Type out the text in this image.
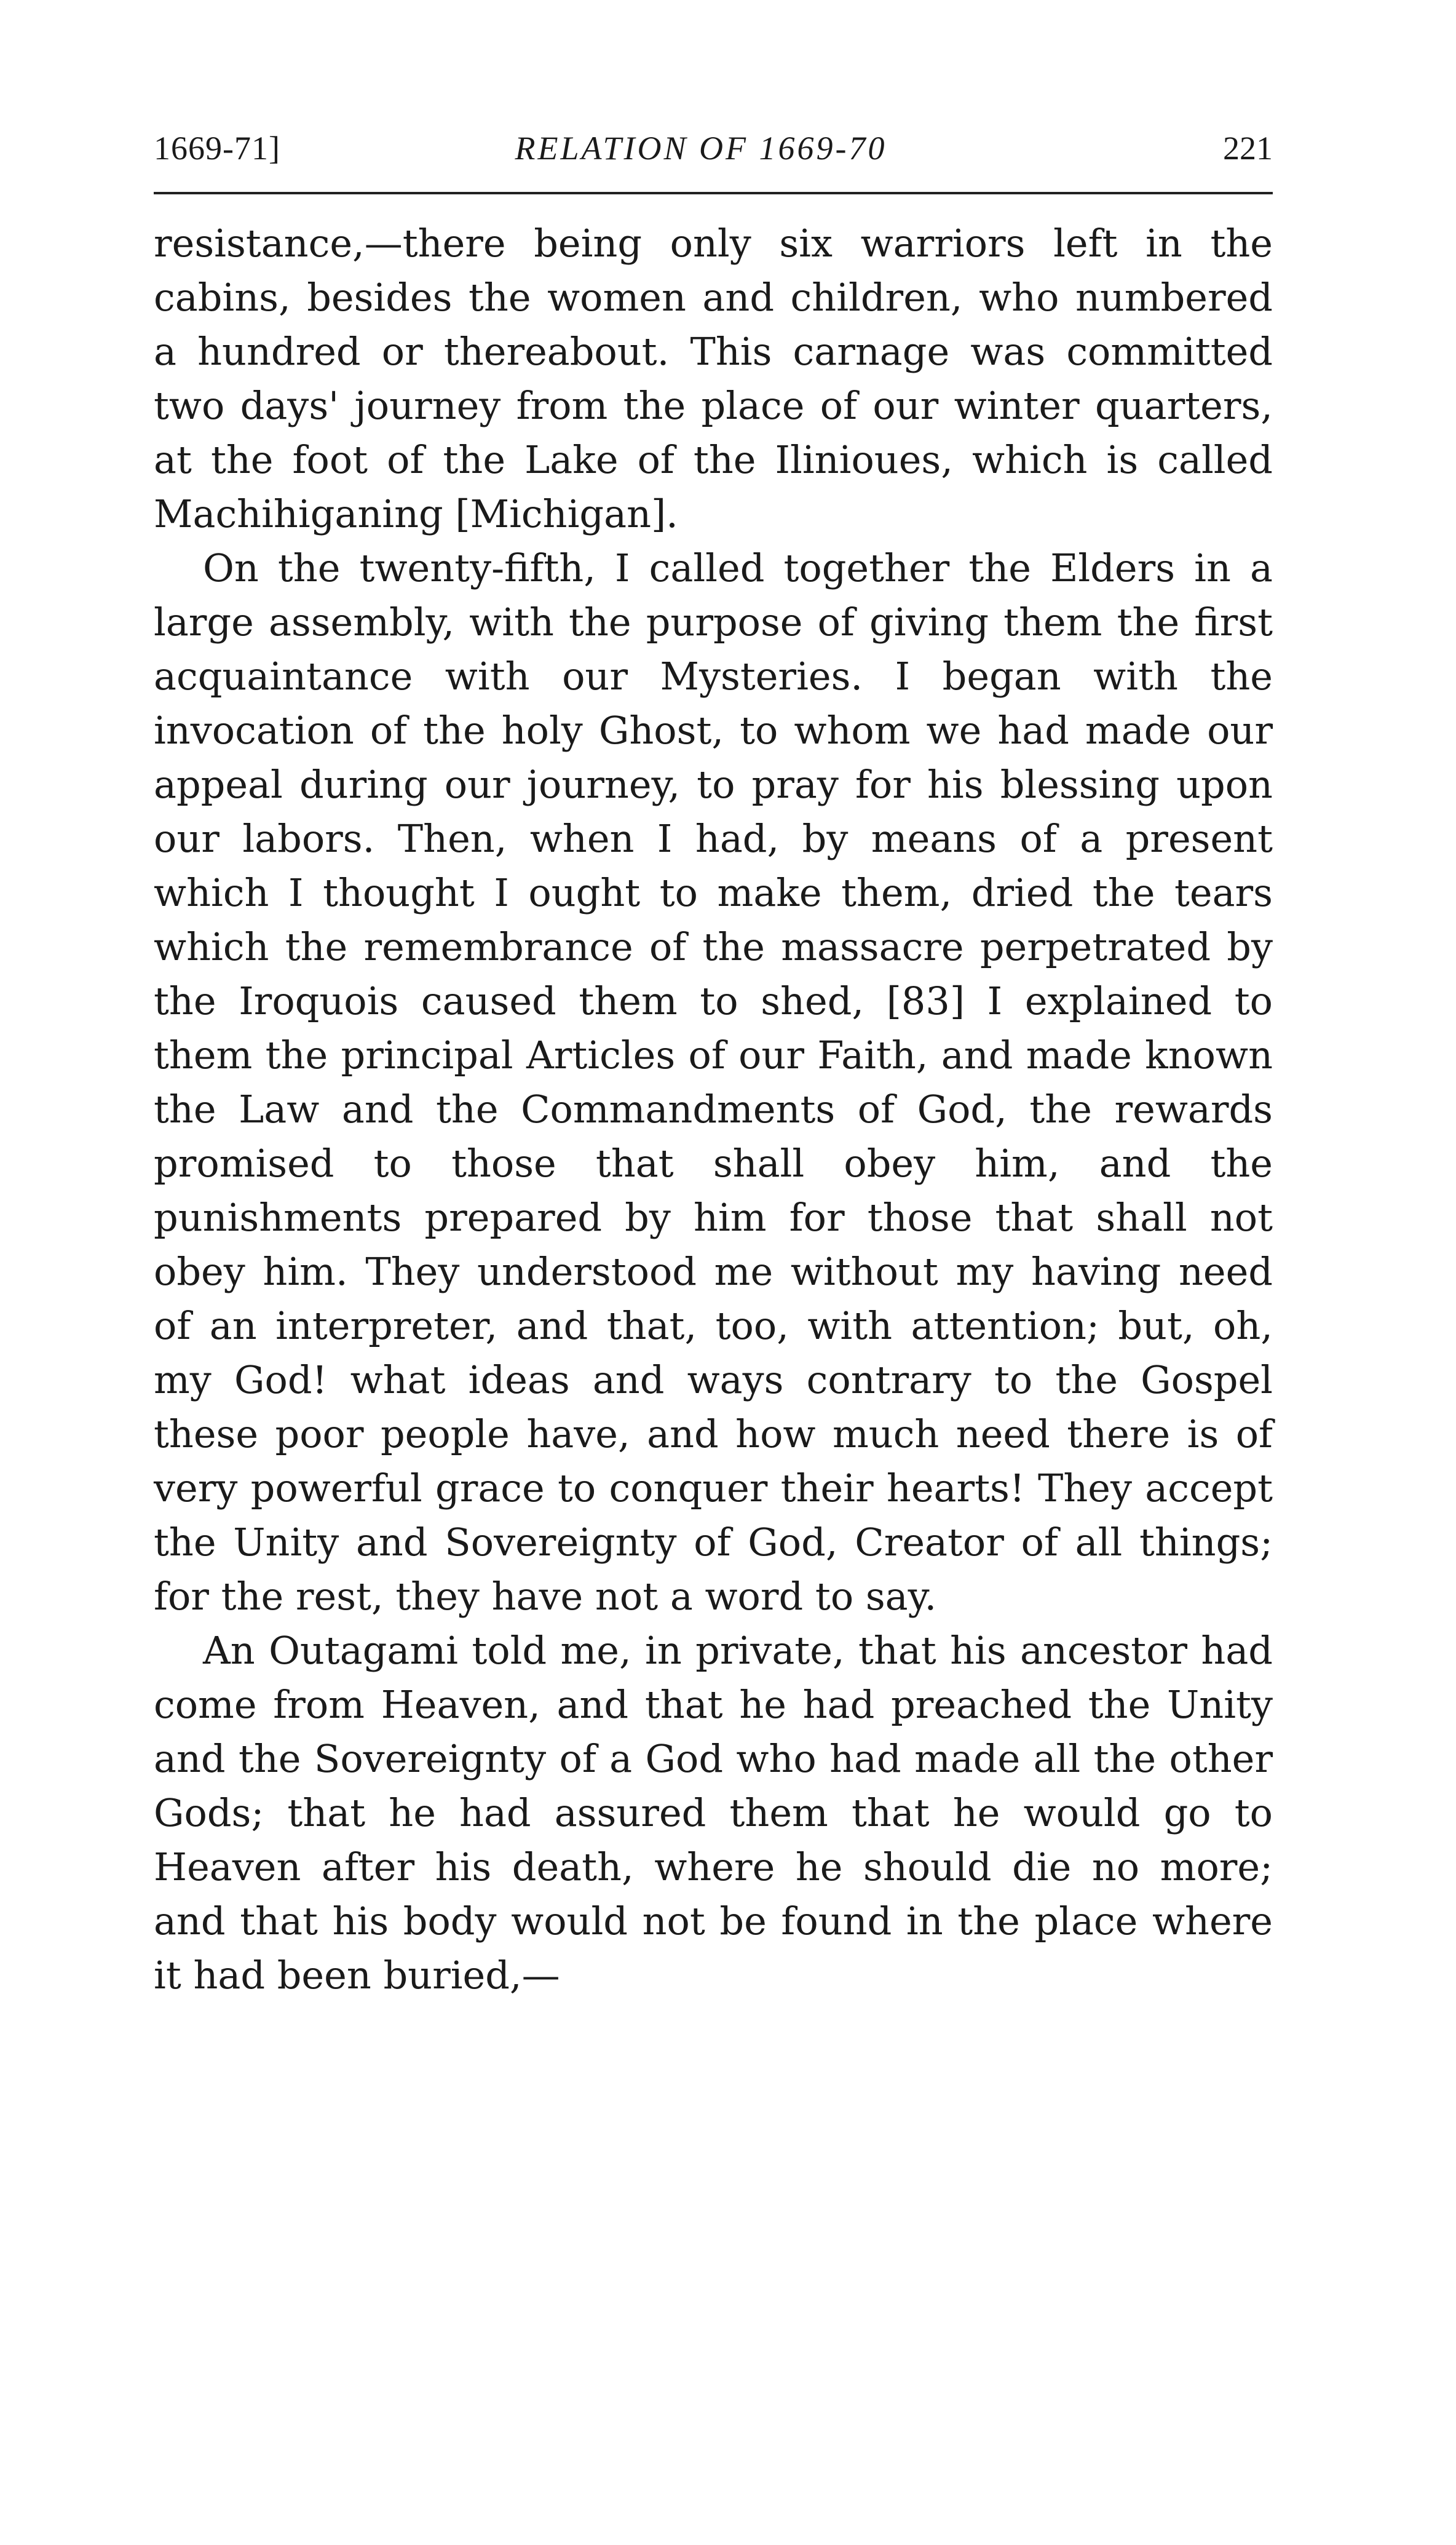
1669-71]	RELATION OF 1669-70	221

resistance,—there being only six warriors left in the cabins, besides the women and children, who numbered a hundred or thereabout. This carnage was committed two days' journey from the place of our winter quarters, at the foot of the Lake of the Ilinioues, which is called Machihiganing [Michigan].

On the twenty-fifth, I called together the Elders in a large assembly, with the purpose of giving them the first acquaintance with our Mysteries. I began with the invocation of the holy Ghost, to whom we had made our appeal during our journey, to pray for his blessing upon our labors. Then, when I had, by means of a present which I thought I ought to make them, dried the tears which the remembrance of the massacre perpetrated by the Iroquois caused them to shed, [83] I explained to them the principal Articles of our Faith, and made known the Law and the Commandments of God, the rewards promised to those that shall obey him, and the punishments prepared by him for those that shall not obey him. They understood me without my having need of an interpreter, and that, too, with attention; but, oh, my God! what ideas and ways contrary to the Gospel these poor people have, and how much need there is of very powerful grace to conquer their hearts! They accept the Unity and Sovereignty of God, Creator of all things; for the rest, they have not a word to say.

An Outagami told me, in private, that his ancestor had come from Heaven, and that he had preached the Unity and the Sovereignty of a God who had made all the other Gods; that he had assured them that he would go to Heaven after his death, where he should die no more; and that his body would not be found in the place where it had been buried,—
